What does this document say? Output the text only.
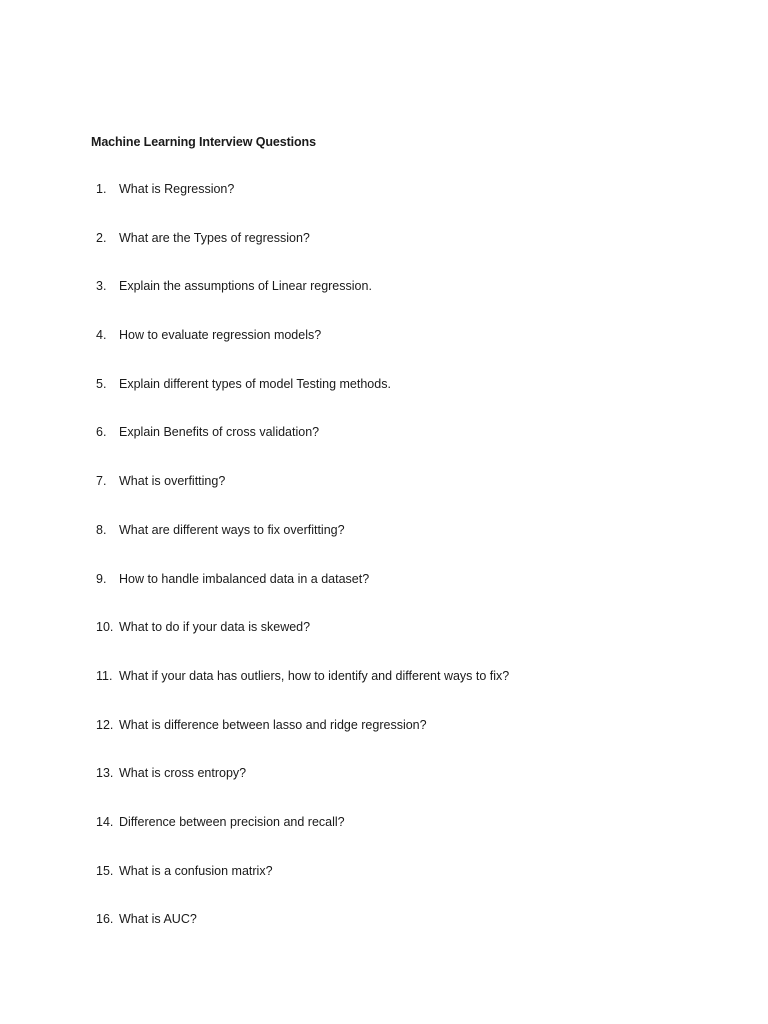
Machine Learning Interview Questions

1.	What is Regression?
2.	What are the Types of regression?
3.	Explain the assumptions of Linear regression.
4.	How to evaluate regression models?
5.	Explain different types of model Testing methods.
6.	Explain Benefits of cross validation?
7.	What is overfitting?
8.	What are different ways to fix overfitting?
9.	How to handle imbalanced data in a dataset?
10. What to do if your data is skewed?
11. What if your data has outliers, how to identify and different ways to fix?
12. What is difference between lasso and ridge regression?
13. What is cross entropy?
14. Difference between precision and recall?
15. What is a confusion matrix?
16. What is AUC?
